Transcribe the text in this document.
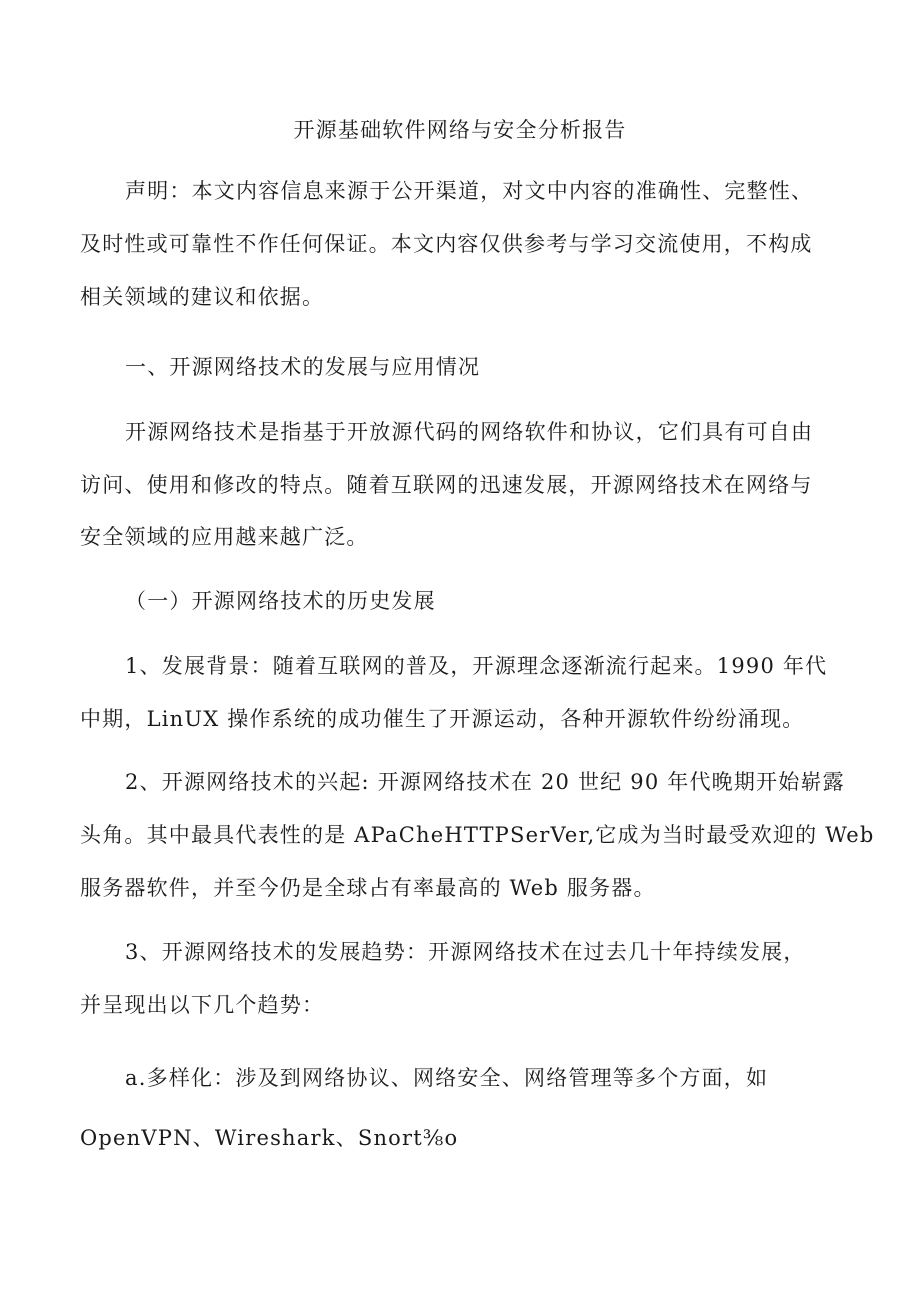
开源基础软件网络与安全分析报告
声明：本文内容信息来源于公开渠道，对文中内容的准确性、完整性、
及时性或可靠性不作任何保证。本文内容仅供参考与学习交流使用，不构成
相关领域的建议和依据。
一、开源网络技术的发展与应用情况
开源网络技术是指基于开放源代码的网络软件和协议，它们具有可自由
访问、使用和修改的特点。随着互联网的迅速发展，开源网络技术在网络与
安全领域的应用越来越广泛。
（一）开源网络技术的历史发展
1、发展背景：随着互联网的普及，开源理念逐渐流行起来。1990 年代
中期，LinUX 操作系统的成功催生了开源运动，各种开源软件纷纷涌现。
2、开源网络技术的兴起: 开源网络技术在 20 世纪 90 年代晚期开始崭露
头角。其中最具代表性的是 APaCheHTTPSerVer,它成为当时最受欢迎的 Web
服务器软件，并至今仍是全球占有率最高的 Web 服务器。
3、开源网络技术的发展趋势：开源网络技术在过去几十年持续发展，
并呈现出以下几个趋势：
a.多样化：涉及到网络协议、网络安全、网络管理等多个方面，如
OpenVPN、Wireshark、Snort⅜o
